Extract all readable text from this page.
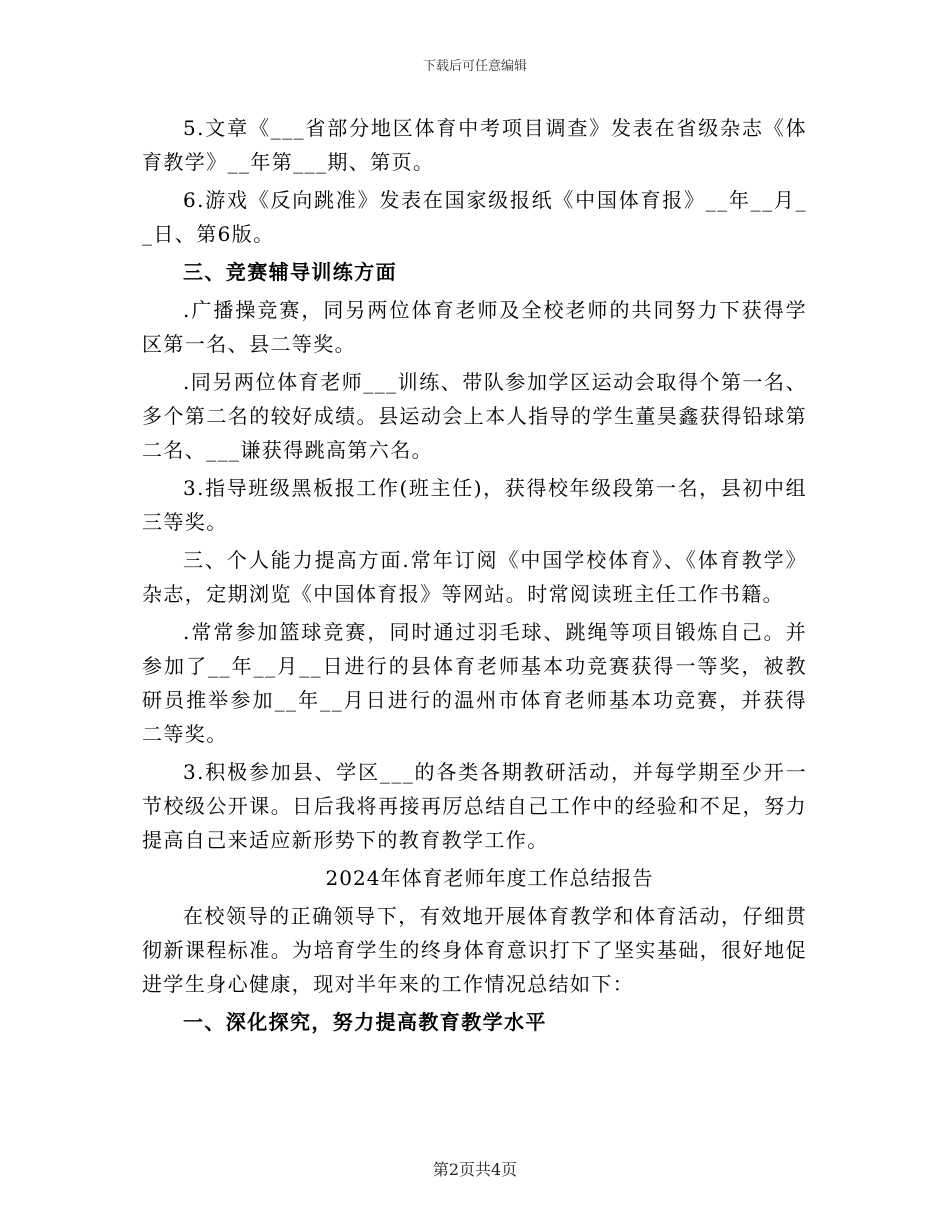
下载后可任意编辑

5.文章《___省部分地区体育中考项目调查》发表在省级杂志《体育教学》__年第___期、第页。

6.游戏《反向跳准》发表在国家级报纸《中国体育报》__年__月__日、第6版。

三、竞赛辅导训练方面

.广播操竞赛，同另两位体育老师及全校老师的共同努力下获得学区第一名、县二等奖。

.同另两位体育老师___训练、带队参加学区运动会取得个第一名、多个第二名的较好成绩。县运动会上本人指导的学生董昊鑫获得铅球第二名、___谦获得跳高第六名。

3.指导班级黑板报工作(班主任)，获得校年级段第一名，县初中组三等奖。

三、个人能力提高方面.常年订阅《中国学校体育》、《体育教学》杂志，定期浏览《中国体育报》等网站。时常阅读班主任工作书籍。

.常常参加篮球竞赛，同时通过羽毛球、跳绳等项目锻炼自己。并参加了__年__月__日进行的县体育老师基本功竞赛获得一等奖，被教研员推举参加__年__月日进行的温州市体育老师基本功竞赛，并获得二等奖。

3.积极参加县、学区___的各类各期教研活动，并每学期至少开一节校级公开课。日后我将再接再厉总结自己工作中的经验和不足，努力提高自己来适应新形势下的教育教学工作。

2024年体育老师年度工作总结报告

在校领导的正确领导下，有效地开展体育教学和体育活动，仔细贯彻新课程标准。为培育学生的终身体育意识打下了坚实基础，很好地促进学生身心健康，现对半年来的工作情况总结如下：

一、深化探究，努力提高教育教学水平

第2页共4页
